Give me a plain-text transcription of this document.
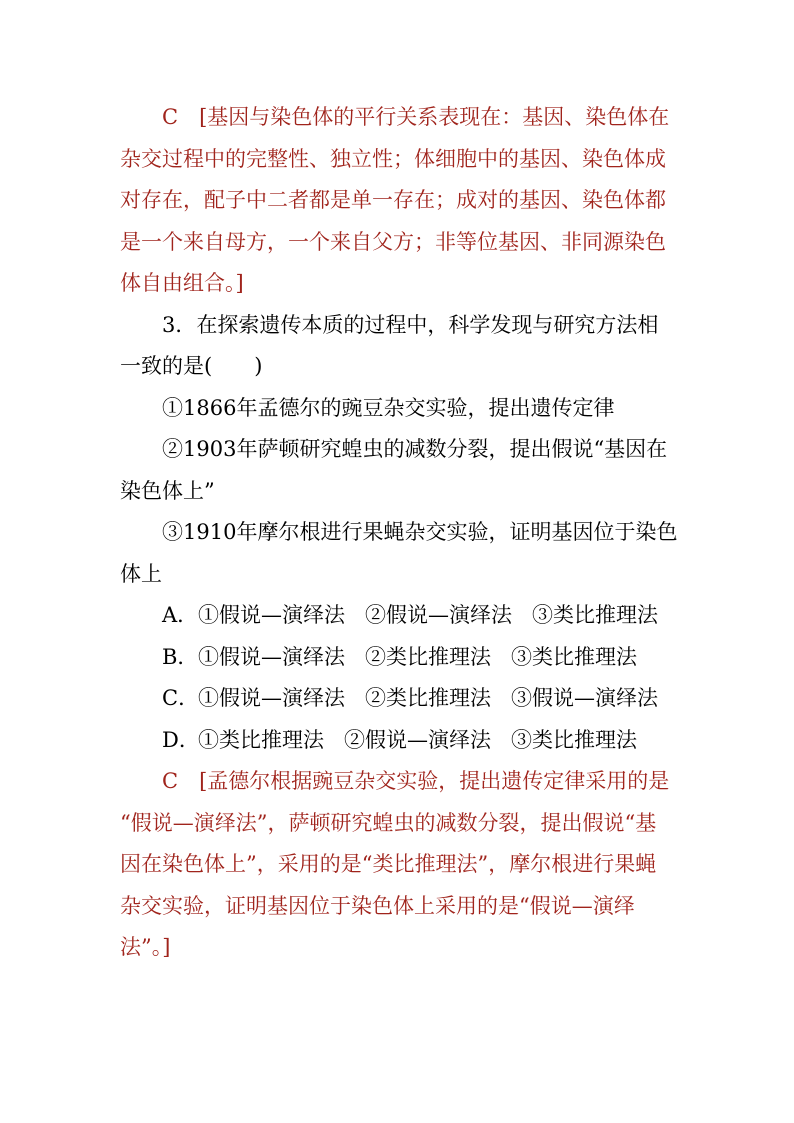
C　[基因与染色体的平行关系表现在：基因、染色体在
杂交过程中的完整性、独立性；体细胞中的基因、染色体成
对存在，配子中二者都是单一存在；成对的基因、染色体都
是一个来自母方，一个来自父方；非等位基因、非同源染色
体自由组合。]
3．在探索遗传本质的过程中，科学发现与研究方法相
一致的是(　　)
①1866年孟德尔的豌豆杂交实验，提出遗传定律
②1903年萨顿研究蝗虫的减数分裂，提出假说“基因在
染色体上”
③1910年摩尔根进行果蝇杂交实验，证明基因位于染色
体上
A．①假说—演绎法 ②假说—演绎法 ③类比推理法
B．①假说—演绎法 ②类比推理法 ③类比推理法
C．①假说—演绎法 ②类比推理法 ③假说—演绎法
D．①类比推理法 ②假说—演绎法 ③类比推理法
C　[孟德尔根据豌豆杂交实验，提出遗传定律采用的是
“假说—演绎法”，萨顿研究蝗虫的减数分裂，提出假说“基
因在染色体上”，采用的是“类比推理法”，摩尔根进行果蝇
杂交实验，证明基因位于染色体上采用的是“假说—演绎
法”。]
